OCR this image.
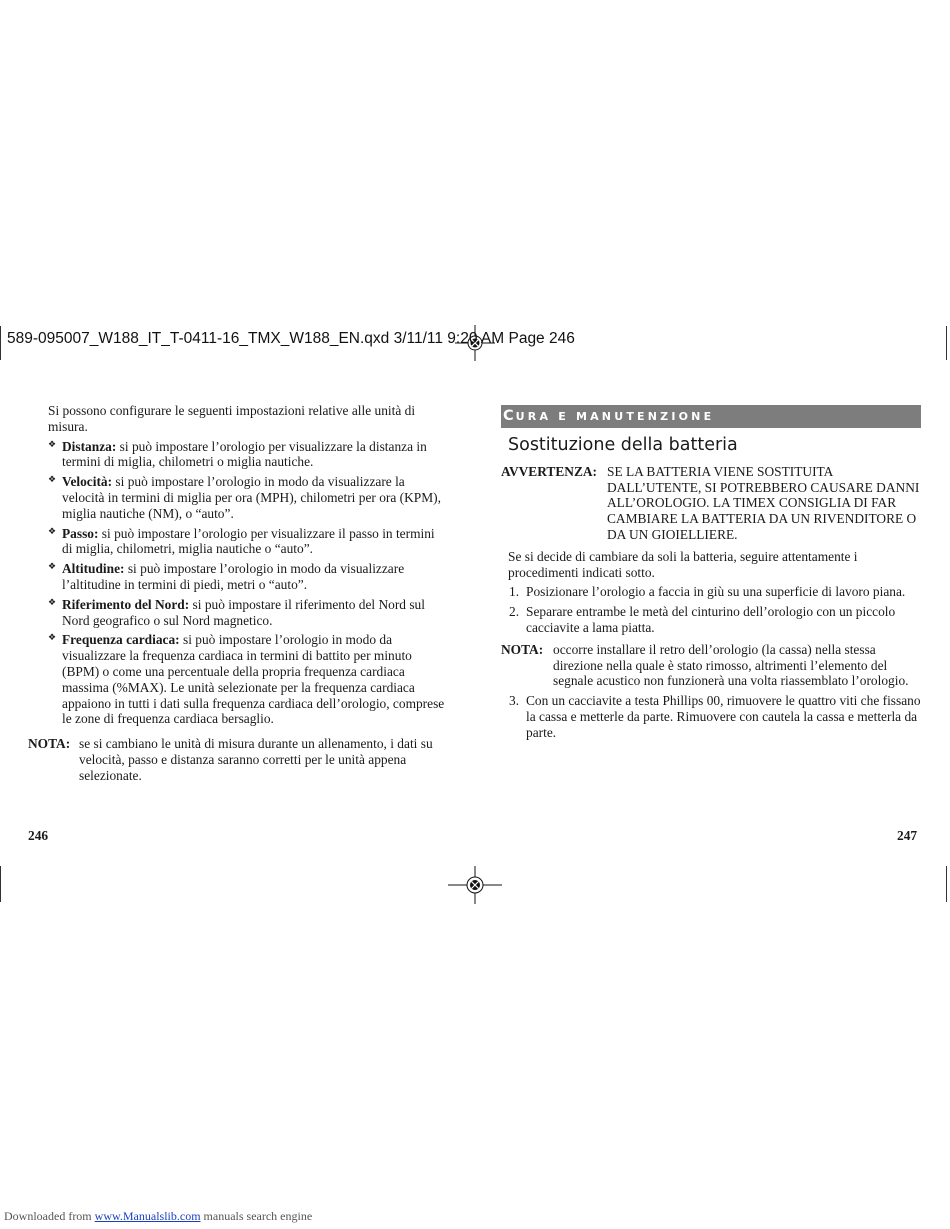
589-095007_W188_IT_T-0411-16_TMX_W188_EN.qxd 3/11/11 9:20 AM Page 246

Si possono configurare le seguenti impostazioni relative alle unità di misura.

❖ Distanza: si può impostare l’orologio per visualizzare la distanza in termini di miglia, chilometri o miglia nautiche.
❖ Velocità: si può impostare l’orologio in modo da visualizzare la velocità in termini di miglia per ora (MPH), chilometri per ora (KPM), miglia nautiche (NM), o “auto”.
❖ Passo: si può impostare l’orologio per visualizzare il passo in termini di miglia, chilometri, miglia nautiche o “auto”.
❖ Altitudine: si può impostare l’orologio in modo da visualizzare l’altitudine in termini di piedi, metri o “auto”.
❖ Riferimento del Nord: si può impostare il riferimento del Nord sul Nord geografico o sul Nord magnetico.
❖ Frequenza cardiaca: si può impostare l’orologio in modo da visualizzare la frequenza cardiaca in termini di battito per minuto (BPM) o come una percentuale della propria frequenza cardiaca massima (%MAX). Le unità selezionate per la frequenza cardiaca appaiono in tutti i dati sulla frequenza cardiaca dell’orologio, comprese le zone di frequenza cardiaca bersaglio.
NOTA: se si cambiano le unità di misura durante un allenamento, i dati su velocità, passo e distanza saranno corretti per le unità appena selezionate.
246
CURA E MANUTENZIONE
Sostituzione della batteria
AVVERTENZA: SE LA BATTERIA VIENE SOSTITUITA DALL’UTENTE, SI POTREBBERO CAUSARE DANNI ALL’OROLOGIO. LA TIMEX CONSIGLIA DI FAR CAMBIARE LA BATTERIA DA UN RIVENDITORE O DA UN GIOIELLIERE.

Se si decide di cambiare da soli la batteria, seguire attentamente i procedimenti indicati sotto.

1. Posizionare l’orologio a faccia in giù su una superficie di lavoro piana.
2. Separare entrambe le metà del cinturino dell’orologio con un piccolo cacciavite a lama piatta.
NOTA: occorre installare il retro dell’orologio (la cassa) nella stessa direzione nella quale è stato rimosso, altrimenti l’elemento del segnale acustico non funzionerà una volta riassemblato l’orologio.
3. Con un cacciavite a testa Phillips 00, rimuovere le quattro viti che fissano la cassa e metterle da parte. Rimuovere con cautela la cassa e metterla da parte.
247
Downloaded from www.Manualslib.com manuals search engine
